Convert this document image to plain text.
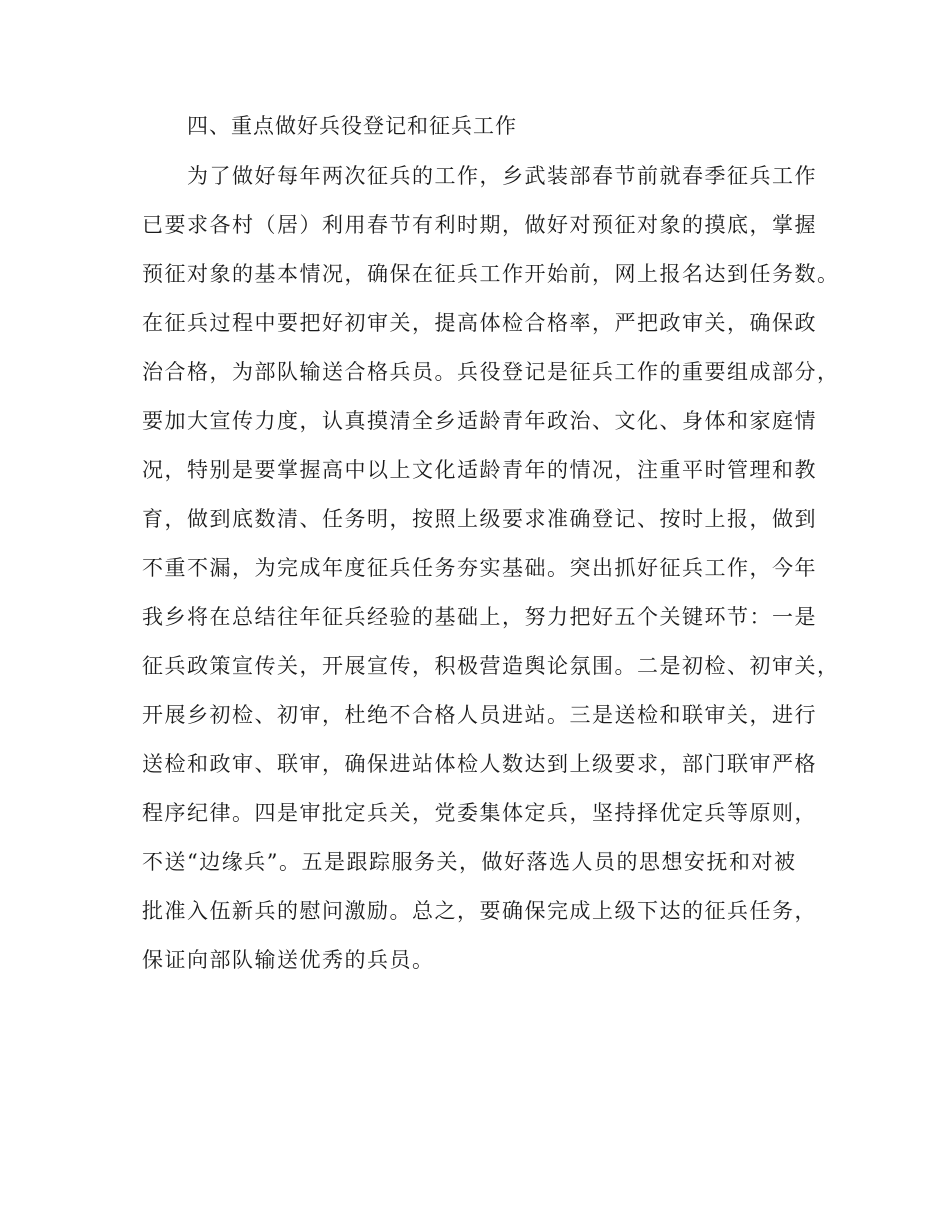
四、重点做好兵役登记和征兵工作
为了做好每年两次征兵的工作，乡武装部春节前就春季征兵工作
已要求各村（居）利用春节有利时期，做好对预征对象的摸底，掌握
预征对象的基本情况，确保在征兵工作开始前，网上报名达到任务数。
在征兵过程中要把好初审关，提高体检合格率，严把政审关，确保政
治合格，为部队输送合格兵员。兵役登记是征兵工作的重要组成部分，
要加大宣传力度，认真摸清全乡适龄青年政治、文化、身体和家庭情
况，特别是要掌握高中以上文化适龄青年的情况，注重平时管理和教
育，做到底数清、任务明，按照上级要求准确登记、按时上报，做到
不重不漏，为完成年度征兵任务夯实基础。突出抓好征兵工作，今年
我乡将在总结往年征兵经验的基础上，努力把好五个关键环节：一是
征兵政策宣传关，开展宣传，积极营造舆论氛围。二是初检、初审关，
开展乡初检、初审，杜绝不合格人员进站。三是送检和联审关，进行
送检和政审、联审，确保进站体检人数达到上级要求，部门联审严格
程序纪律。四是审批定兵关，党委集体定兵，坚持择优定兵等原则，
不送“边缘兵”。五是跟踪服务关，做好落选人员的思想安抚和对被
批准入伍新兵的慰问激励。总之，要确保完成上级下达的征兵任务，
保证向部队输送优秀的兵员。
